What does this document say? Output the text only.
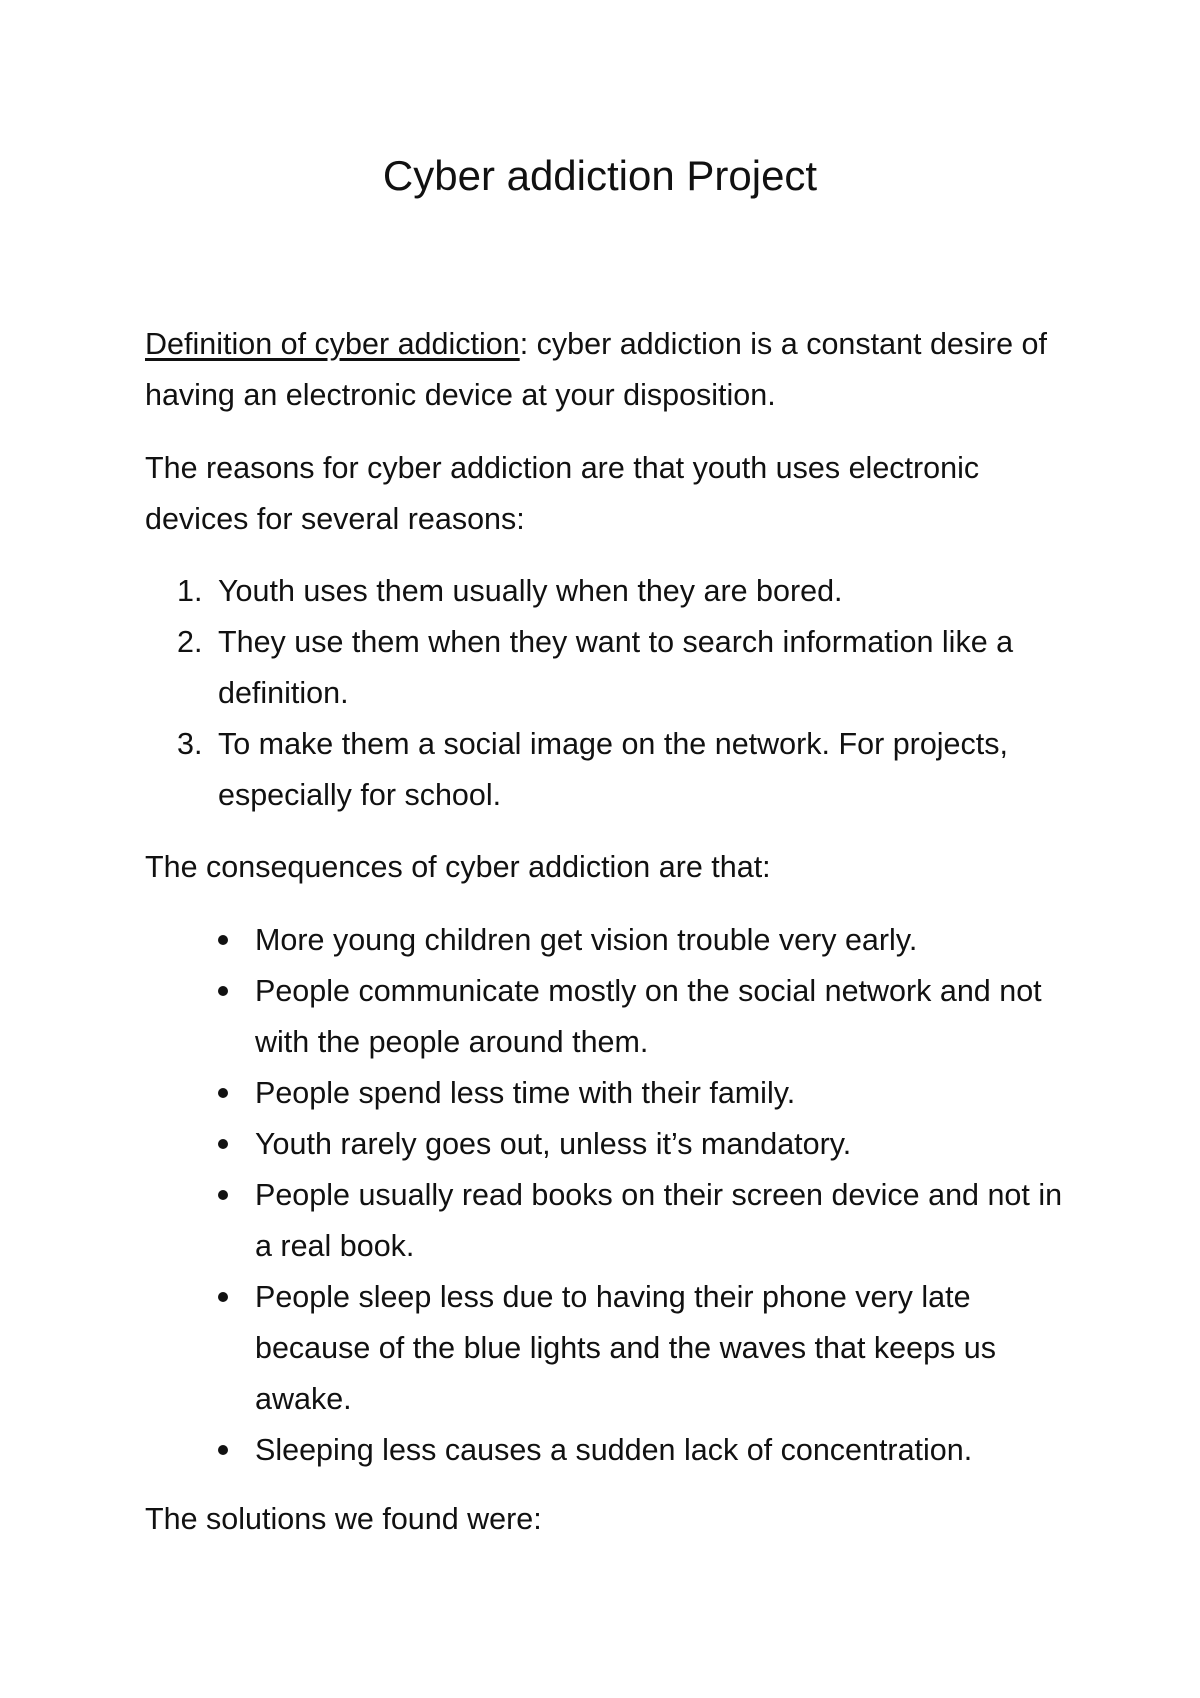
Cyber addiction Project

Definition of cyber addiction: cyber addiction is a constant desire of having an electronic device at your disposition.

The reasons for cyber addiction are that youth uses electronic devices for several reasons:

1. Youth uses them usually when they are bored.
2. They use them when they want to search information like a definition.
3. To make them a social image on the network. For projects, especially for school.

The consequences of cyber addiction are that:

More young children get vision trouble very early.
People communicate mostly on the social network and not with the people around them.
People spend less time with their family.
Youth rarely goes out, unless it’s mandatory.
People usually read books on their screen device and not in a real book.
People sleep less due to having their phone very late because of the blue lights and the waves that keeps us awake.
Sleeping less causes a sudden lack of concentration.

The solutions we found were:
